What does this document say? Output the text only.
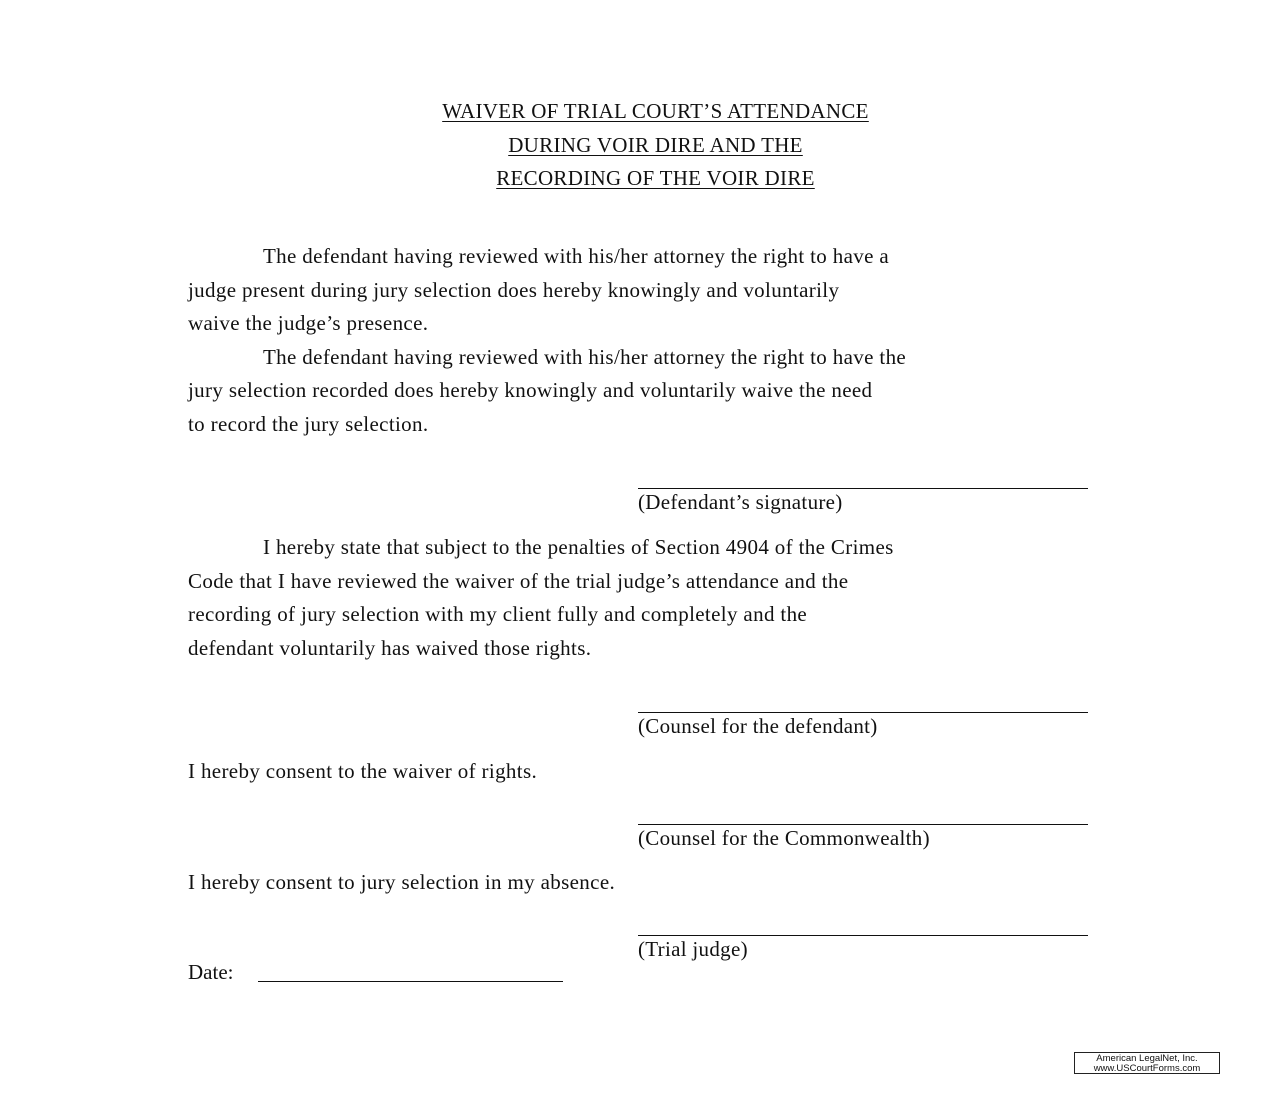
WAIVER OF TRIAL COURT’S ATTENDANCE
DURING VOIR DIRE AND THE
RECORDING OF THE VOIR DIRE
The defendant having reviewed with his/her attorney the right to have a
judge present during jury selection does hereby knowingly and voluntarily
waive the judge’s presence.
The defendant having reviewed with his/her attorney the right to have the
jury selection recorded does hereby knowingly and voluntarily waive the need
to record the jury selection.
(Defendant’s signature)
I hereby state that subject to the penalties of Section 4904 of the Crimes
Code that I have reviewed the waiver of the trial judge’s attendance and the
recording of jury selection with my client fully and completely and the
defendant voluntarily has waived those rights.
(Counsel for the defendant)
I hereby consent to the waiver of rights.
(Counsel for the Commonwealth)
I hereby consent to jury selection in my absence.
(Trial judge)
Date:
American LegalNet, Inc.
www.USCourtForms.com
